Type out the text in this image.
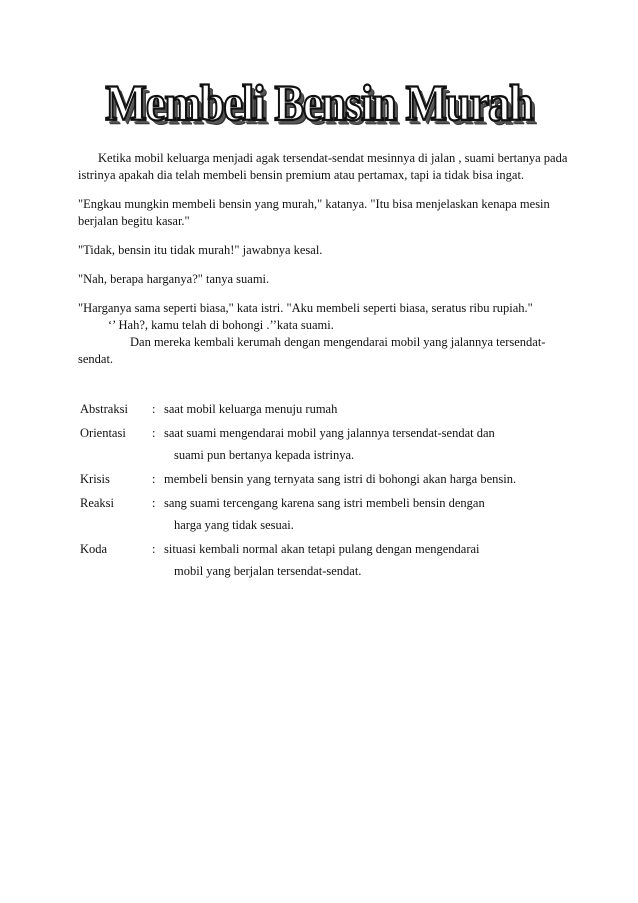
Membeli Bensin Murah

Ketika mobil keluarga menjadi agak tersendat-sendat mesinnya di jalan , suami bertanya pada istrinya apakah dia telah membeli bensin premium atau pertamax, tapi ia tidak bisa ingat.

"Engkau mungkin membeli bensin yang murah," katanya. "Itu bisa menjelaskan kenapa mesin berjalan begitu kasar."

"Tidak, bensin itu tidak murah!" jawabnya kesal.

"Nah, berapa harganya?" tanya suami.

"Harganya sama seperti biasa," kata istri. "Aku membeli seperti biasa, seratus ribu rupiah." ‘’ Hah?, kamu telah di bohongi .’’kata suami.

Dan mereka kembali kerumah dengan mengendarai mobil yang jalannya tersendat-sendat.

Abstraksi	: saat mobil keluarga menuju rumah
Orientasi	: saat suami mengendarai mobil yang jalannya tersendat-sendat dan
suami pun bertanya kepada istrinya.
Krisis	: membeli bensin yang ternyata sang istri di bohongi akan harga bensin.
Reaksi	: sang suami tercengang karena sang istri membeli bensin dengan
harga yang tidak sesuai.
Koda	: situasi kembali normal akan tetapi pulang dengan mengendarai
mobil yang berjalan tersendat-sendat.
